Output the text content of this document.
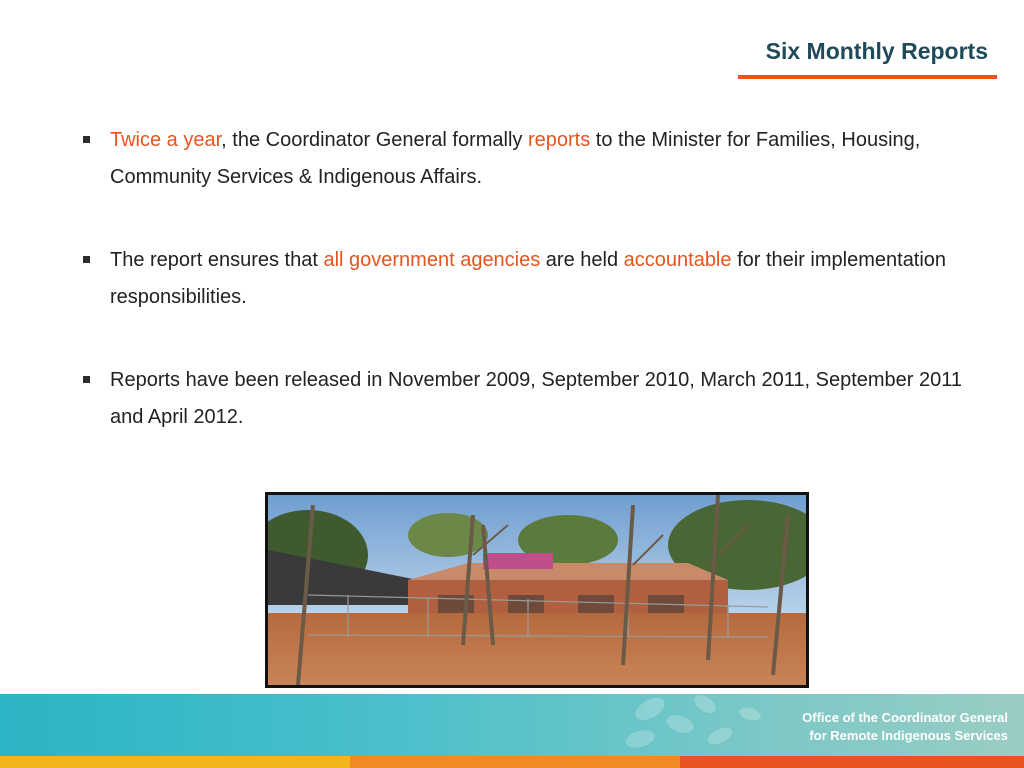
Six Monthly Reports
Twice a year, the Coordinator General formally reports to the Minister for Families, Housing, Community Services & Indigenous Affairs.
The report ensures that all government agencies are held accountable for their implementation responsibilities.
Reports have been released in November 2009, September 2010, March 2011, September 2011 and April 2012.
Office of the Coordinator General
for Remote Indigenous Services
